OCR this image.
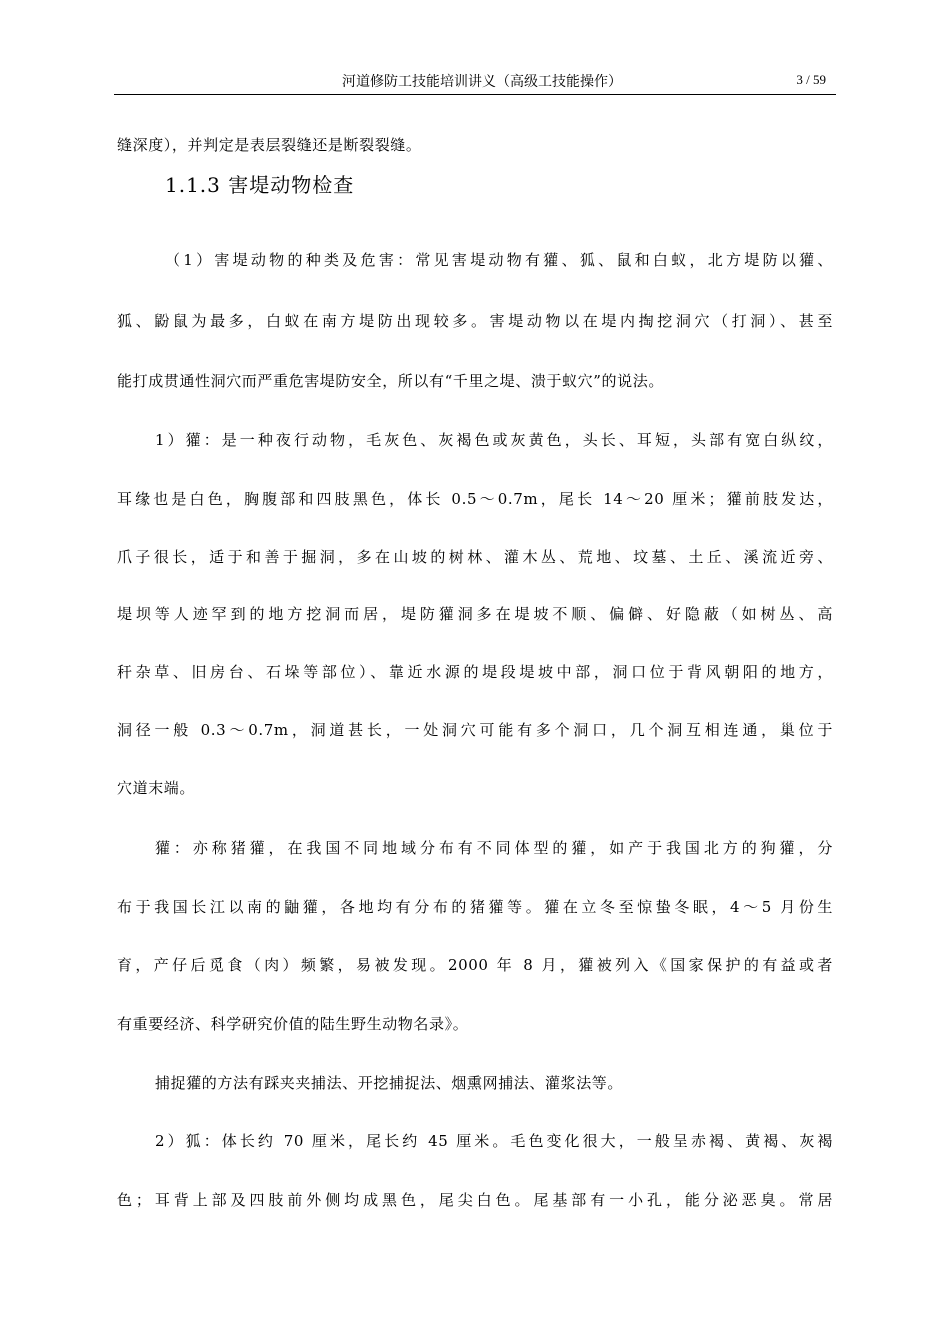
河道修防工技能培训讲义（高级工技能操作）	3 / 59
缝深度），并判定是表层裂缝还是断裂裂缝。
1.1.3 害堤动物检查
（1）害堤动物的种类及危害：常见害堤动物有獾、狐、鼠和白蚁，北方堤防以獾、
狐、鼢鼠为最多，白蚁在南方堤防出现较多。害堤动物以在堤内掏挖洞穴（打洞）、甚至
能打成贯通性洞穴而严重危害堤防安全，所以有“千里之堤、溃于蚁穴”的说法。
1）獾：是一种夜行动物，毛灰色、灰褐色或灰黄色，头长、耳短，头部有宽白纵纹，
耳缘也是白色，胸腹部和四肢黑色，体长 0.5～0.7m，尾长 14～20 厘米；獾前肢发达，
爪子很长，适于和善于掘洞，多在山坡的树林、灌木丛、荒地、坟墓、土丘、溪流近旁、
堤坝等人迹罕到的地方挖洞而居，堤防獾洞多在堤坡不顺、偏僻、好隐蔽（如树丛、高
秆杂草、旧房台、石垛等部位）、靠近水源的堤段堤坡中部，洞口位于背风朝阳的地方，
洞径一般 0.3～0.7m，洞道甚长，一处洞穴可能有多个洞口，几个洞互相连通，巢位于
穴道末端。
獾：亦称猪獾，在我国不同地域分布有不同体型的獾，如产于我国北方的狗獾，分
布于我国长江以南的鼬獾，各地均有分布的猪獾等。獾在立冬至惊蛰冬眠，4～5 月份生
育，产仔后觅食（肉）频繁，易被发现。2000 年 8 月，獾被列入《国家保护的有益或者
有重要经济、科学研究价值的陆生野生动物名录》。
捕捉獾的方法有踩夹夹捕法、开挖捕捉法、烟熏网捕法、灌浆法等。
2）狐：体长约 70 厘米，尾长约 45 厘米。毛色变化很大，一般呈赤褐、黄褐、灰褐
色；耳背上部及四肢前外侧均成黑色，尾尖白色。尾基部有一小孔，能分泌恶臭。常居
